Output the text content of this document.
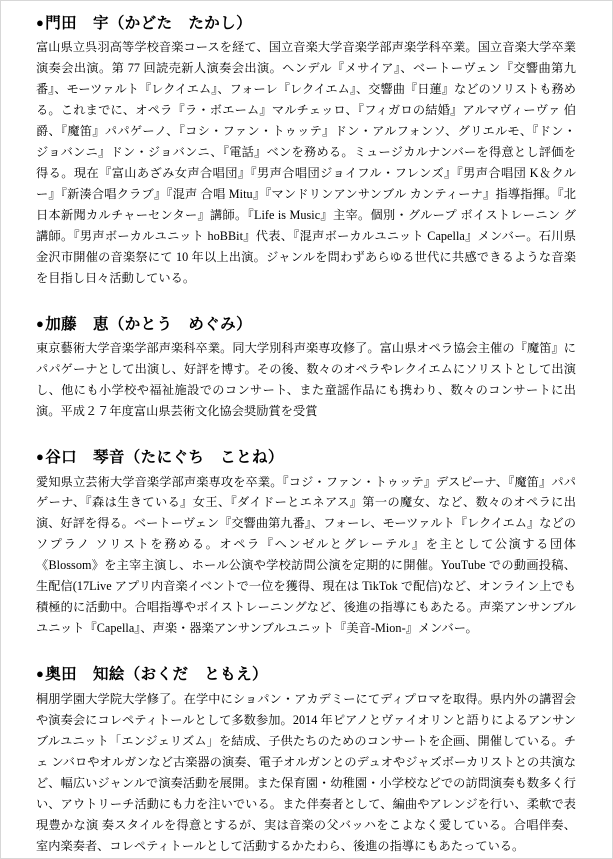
●門田　宇（かどた　たかし）

富山県立呉羽高等学校音楽コースを経て、国立音楽大学音楽学部声楽学科卒業。国立音楽大学卒業演奏会出演。第 77 回読売新人演奏会出演。ヘンデル『メサイア』、ベートーヴェン『交響曲第九番』、モーツァルト『レクイエム』、フォーレ『レクイエム』、交響曲『日蓮』などのソリストも務める。これまでに、オペラ『ラ・ボエーム』マルチェッロ、『フィガロの結婚』アルマヴィーヴァ 伯爵、『魔笛』パパゲーノ、『コシ・ファン・トゥッテ』ドン・アルフォンソ、グリエルモ、『ドン・ジョバンニ』ドン・ジョバンニ、『電話』ベンを務める。ミュージカルナンバーを得意とし評価を得る。現在『富山あざみ女声合唱団』『男声合唱団ジョイフル・フレンズ』『男声合唱団 K＆クルー』『新湊合唱クラブ』『混声 合唱 Mitu』『マンドリンアンサンブル カンティーナ』指導指揮。『北日本新聞カルチャーセンター』講師。『Life is Music』主宰。個別・グループ ボイストレーニン グ講師。『男声ボーカルユニット hoBBit』代表、『混声ボーカルユニット Capella』メンバー。石川県金沢市開催の音楽祭にて 10 年以上出演。ジャンルを問わずあらゆる世代に共感できるような音楽を目指し日々活動している。

●加藤　恵（かとう　めぐみ）

東京藝術大学音楽学部声楽科卒業。同大学別科声楽専攻修了。富山県オペラ協会主催の『魔笛』に パパゲーナとして出演し、好評を博す。その後、数々のオペラやレクイエムにソリストとして出演 し、他にも小学校や福祉施設でのコンサート、また童謡作品にも携わり、数々のコンサートに出 演。平成２７年度富山県芸術文化協会奨励賞を受賞

●谷口　琴音（たにぐち　ことね）

愛知県立芸術大学音楽学部声楽専攻を卒業。『コジ・ファン・トゥッテ』デスピーナ、『魔笛』パパゲーナ、『森は生きている』女王、『ダイドーとエネアス』第一の魔女、など、数々のオペラに出演、好評を得る。ベートーヴェン『交響曲第九番』、フォーレ、モーツァルト『レクイエム』などのソプラノ ソリストを務める。オペラ『ヘンゼルとグレーテル』を主として公演する団体《Blossom》を主宰主演し、ホール公演や学校訪問公演を定期的に開催。YouTube での動画投稿、生配信(17Live アプリ内音楽イベントで一位を獲得、現在は TikTok で配信)など、オンライン上でも積極的に活動中。合唱指導やボイストレーニングなど、後進の指導にもあたる。声楽アンサンブルユニット『Capella』、声楽・器楽アンサンブルユニット『美音-Mion-』メンバー。

●奥田　知絵（おくだ　ともえ）

桐朋学園大学院大学修了。在学中にショパン・アカデミーにてディプロマを取得。県内外の講習会 や演奏会にコレペティトールとして多数参加。2014 年ピアノとヴァイオリンと語りによるアンサン ブルユニット「エンジェリズム」を結成、子供たちのためのコンサートを企画、開催している。チェ ンバロやオルガンなど古楽器の演奏、電子オルガンとのデュオやジャズボーカリストとの共演な ど、幅広いジャンルで演奏活動を展開。また保育園・幼稚園・小学校などでの訪問演奏も数多く行 い、アウトリーチ活動にも力を注いでいる。また伴奏者として、編曲やアレンジを行い、柔軟で表現豊かな演 奏スタイルを得意とするが、実は音楽の父バッハをこよなく愛している。合唱伴奏、室内楽奏者、コレペティトールとして活動するかたわら、後進の指導にもあたっている。
